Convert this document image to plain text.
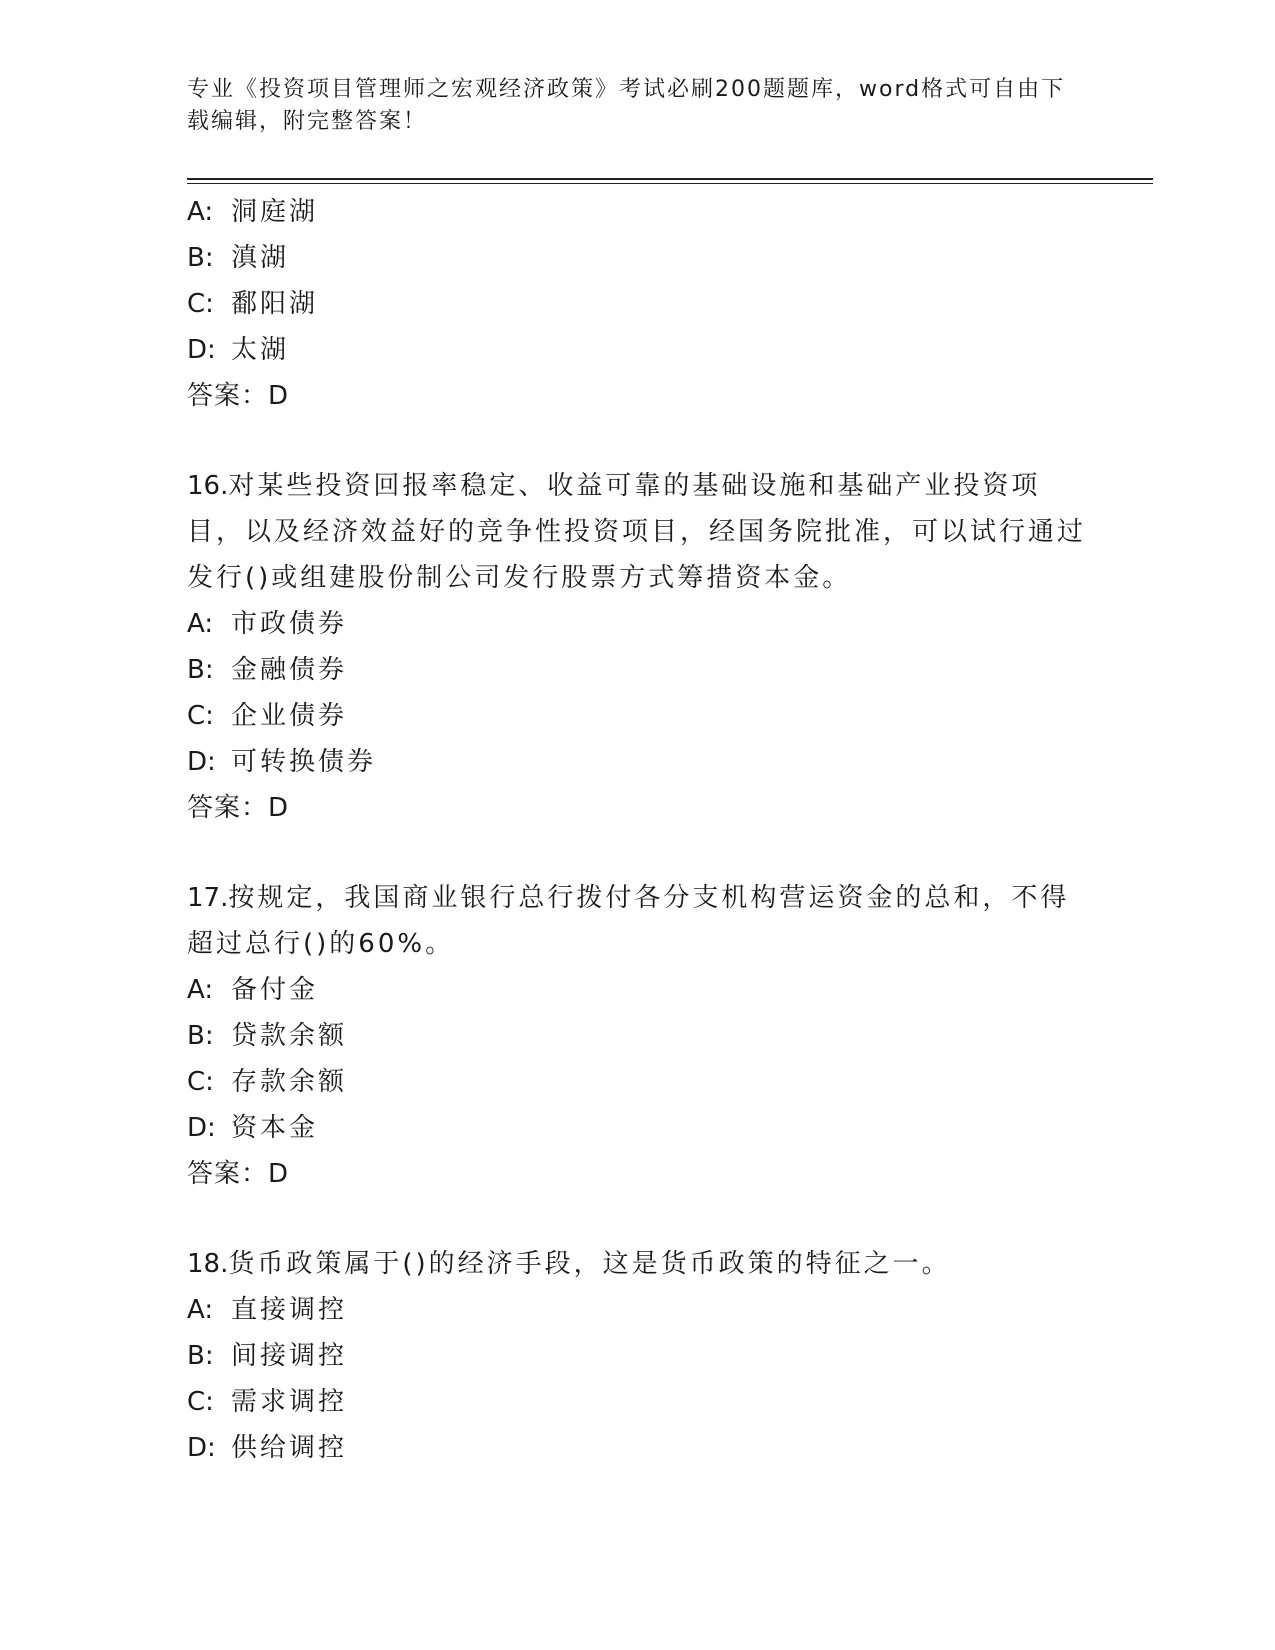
专业《投资项目管理师之宏观经济政策》考试必刷200题题库，word格式可自由下载编辑，附完整答案！
A: 洞庭湖
B: 滇湖
C: 鄱阳湖
D: 太湖
答案：D
16.对某些投资回报率稳定、收益可靠的基础设施和基础产业投资项目，以及经济效益好的竞争性投资项目，经国务院批准，可以试行通过发行()或组建股份制公司发行股票方式筹措资本金。
A: 市政债券
B: 金融债券
C: 企业债券
D: 可转换债券
答案：D
17.按规定，我国商业银行总行拨付各分支机构营运资金的总和，不得超过总行()的60%。
A: 备付金
B: 贷款余额
C: 存款余额
D: 资本金
答案：D
18.货币政策属于()的经济手段，这是货币政策的特征之一。
A: 直接调控
B: 间接调控
C: 需求调控
D: 供给调控
